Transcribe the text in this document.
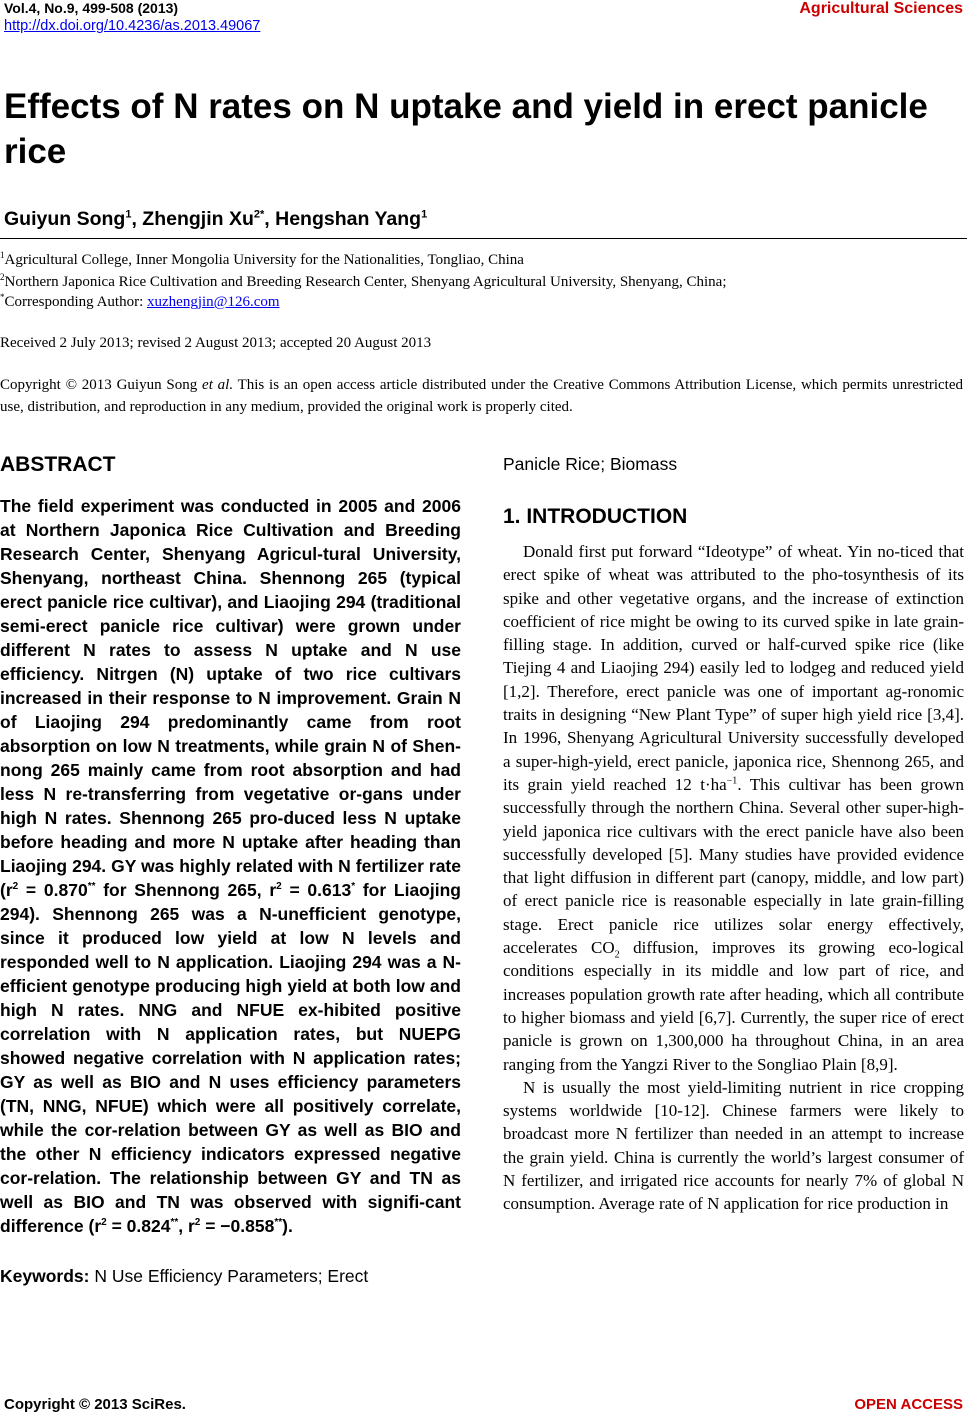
Vol.4, No.9, 499-508 (2013)
http://dx.doi.org/10.4236/as.2013.49067
Agricultural Sciences
Effects of N rates on N uptake and yield in erect panicle rice
Guiyun Song$^1$, Zhengjin $Xu^{2*}$, Hengshan Yang$^1$
$^1$Agricultural College, Inner Mongolia University for the Nationalities, Tongliao, China
$^2$Northern Japonica Rice Cultivation and Breeding Research Center, Shenyang Agricultural University, Shenyang, China;
*Corresponding Author: xuzhengjin@126.com
Received 2 July 2013; revised 2 August 2013; accepted 20 August 2013
Copyright © 2013 Guiyun Song et al. This is an open access article distributed under the Creative Commons Attribution License, which permits unrestricted use, distribution, and reproduction in any medium, provided the original work is properly cited.
ABSTRACT
The field experiment was conducted in 2005 and 2006 at Northern Japonica Rice Cultivation and Breeding Research Center, Shenyang Agricul-tural University, Shenyang, northeast China. Shennong 265 (typical erect panicle rice cultivar), and Liaojing 294 (traditional semi-erect panicle rice cultivar) were grown under different N rates to assess N uptake and N use efficiency. Nitrgen (N) uptake of two rice cultivars increased in their response to N improvement. Grain N of Liaojing 294 predominantly came from root absorption on low N treatments, while grain N of Shen-nong 265 mainly came from root absorption and had less N re-transferring from vegetative or-gans under high N rates. Shennong 265 pro-duced less N uptake before heading and more N uptake after heading than Liaojing 294. GY was highly related with N fertilizer rate ($r^2 = 0.870^{**}$ for Shennong 265, $r^2 = 0.613^*$ for Liaojing 294). Shennong 265 was a N-unefficient genotype, since it produced low yield at low N levels and responded well to N application. Liaojing 294 was a N-efficient genotype producing high yield at both low and high N rates. NNG and NFUE ex-hibited positive correlation with N application rates, but NUEPG showed negative correlation with N application rates; GY as well as BIO and N uses efficiency parameters (TN, NNG, NFUE) which were all positively correlate, while the cor-relation between GY as well as BIO and the other N efficiency indicators expressed negative cor-relation. The relationship between GY and TN as well as BIO and TN was observed with signifi-cant difference ($r^2 = 0.824^{**}$, $r^2 = -0.858^{**}$).
Keywords: N Use Efficiency Parameters; Erect
Panicle Rice; Biomass
1. INTRODUCTION

Donald first put forward “Ideotype” of wheat. Yin no-ticed that erect spike of wheat was attributed to the pho-tosynthesis of its spike and other vegetative organs, and the increase of extinction coefficient of rice might be owing to its curved spike in late grain-filling stage. In addition, curved or half-curved spike rice (like Tiejing 4 and Liaojing 294) easily led to lodgeg and reduced yield [1,2]. Therefore, erect panicle was one of important ag-ronomic traits in designing “New Plant Type” of super high yield rice [3,4]. In 1996, Shenyang Agricultural University successfully developed a super-high-yield, erect panicle, japonica rice, Shennong 265, and its grain yield reached 12 $t\cdot ha^{-1}$. This cultivar has been grown successfully through the northern China. Several other super-high-yield japonica rice cultivars with the erect panicle have also been successfully developed [5]. Many studies have provided evidence that light diffusion in different part (canopy, middle, and low part) of erect panicle rice is reasonable especially in late grain-filling stage. Erect panicle rice utilizes solar energy effectively, accelerates $CO_2$ diffusion, improves its growing eco-logical conditions especially in its middle and low part of rice, and increases population growth rate after heading, which all contribute to higher biomass and yield [6,7]. Currently, the super rice of erect panicle is grown on 1,300,000 ha throughout China, in an area ranging from the Yangzi River to the Songliao Plain [8,9].

N is usually the most yield-limiting nutrient in rice cropping systems worldwide [10-12]. Chinese farmers were likely to broadcast more N fertilizer than needed in an attempt to increase the grain yield. China is currently the world’s largest consumer of N fertilizer, and irrigated rice accounts for nearly 7% of global N consumption. Average rate of N application for rice production in

Copyright © 2013 SciRes.	OPEN ACCESS
